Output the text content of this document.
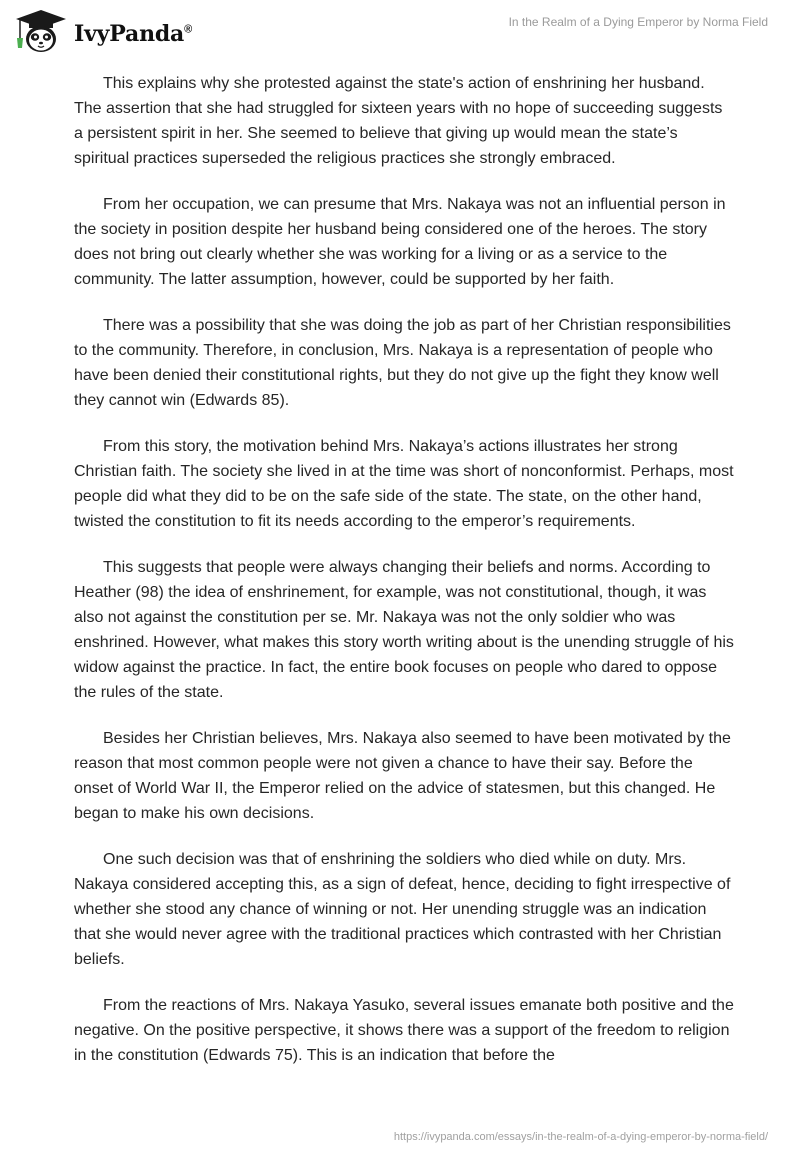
IvyPanda®
In the Realm of a Dying Emperor by Norma Field

This explains why she protested against the state's action of enshrining her husband. The assertion that she had struggled for sixteen years with no hope of succeeding suggests a persistent spirit in her. She seemed to believe that giving up would mean the state’s spiritual practices superseded the religious practices she strongly embraced.

From her occupation, we can presume that Mrs. Nakaya was not an influential person in the society in position despite her husband being considered one of the heroes. The story does not bring out clearly whether she was working for a living or as a service to the community. The latter assumption, however, could be supported by her faith.

There was a possibility that she was doing the job as part of her Christian responsibilities to the community. Therefore, in conclusion, Mrs. Nakaya is a representation of people who have been denied their constitutional rights, but they do not give up the fight they know well they cannot win (Edwards 85).

From this story, the motivation behind Mrs. Nakaya’s actions illustrates her strong Christian faith. The society she lived in at the time was short of nonconformist. Perhaps, most people did what they did to be on the safe side of the state. The state, on the other hand, twisted the constitution to fit its needs according to the emperor’s requirements.

This suggests that people were always changing their beliefs and norms. According to Heather (98) the idea of enshrinement, for example, was not constitutional, though, it was also not against the constitution per se. Mr. Nakaya was not the only soldier who was enshrined. However, what makes this story worth writing about is the unending struggle of his widow against the practice. In fact, the entire book focuses on people who dared to oppose the rules of the state.

Besides her Christian believes, Mrs. Nakaya also seemed to have been motivated by the reason that most common people were not given a chance to have their say. Before the onset of World War II, the Emperor relied on the advice of statesmen, but this changed. He began to make his own decisions.

One such decision was that of enshrining the soldiers who died while on duty. Mrs. Nakaya considered accepting this, as a sign of defeat, hence, deciding to fight irrespective of whether she stood any chance of winning or not. Her unending struggle was an indication that she would never agree with the traditional practices which contrasted with her Christian beliefs.

From the reactions of Mrs. Nakaya Yasuko, several issues emanate both positive and the negative. On the positive perspective, it shows there was a support of the freedom to religion in the constitution (Edwards 75). This is an indication that before the

https://ivypanda.com/essays/in-the-realm-of-a-dying-emperor-by-norma-field/
